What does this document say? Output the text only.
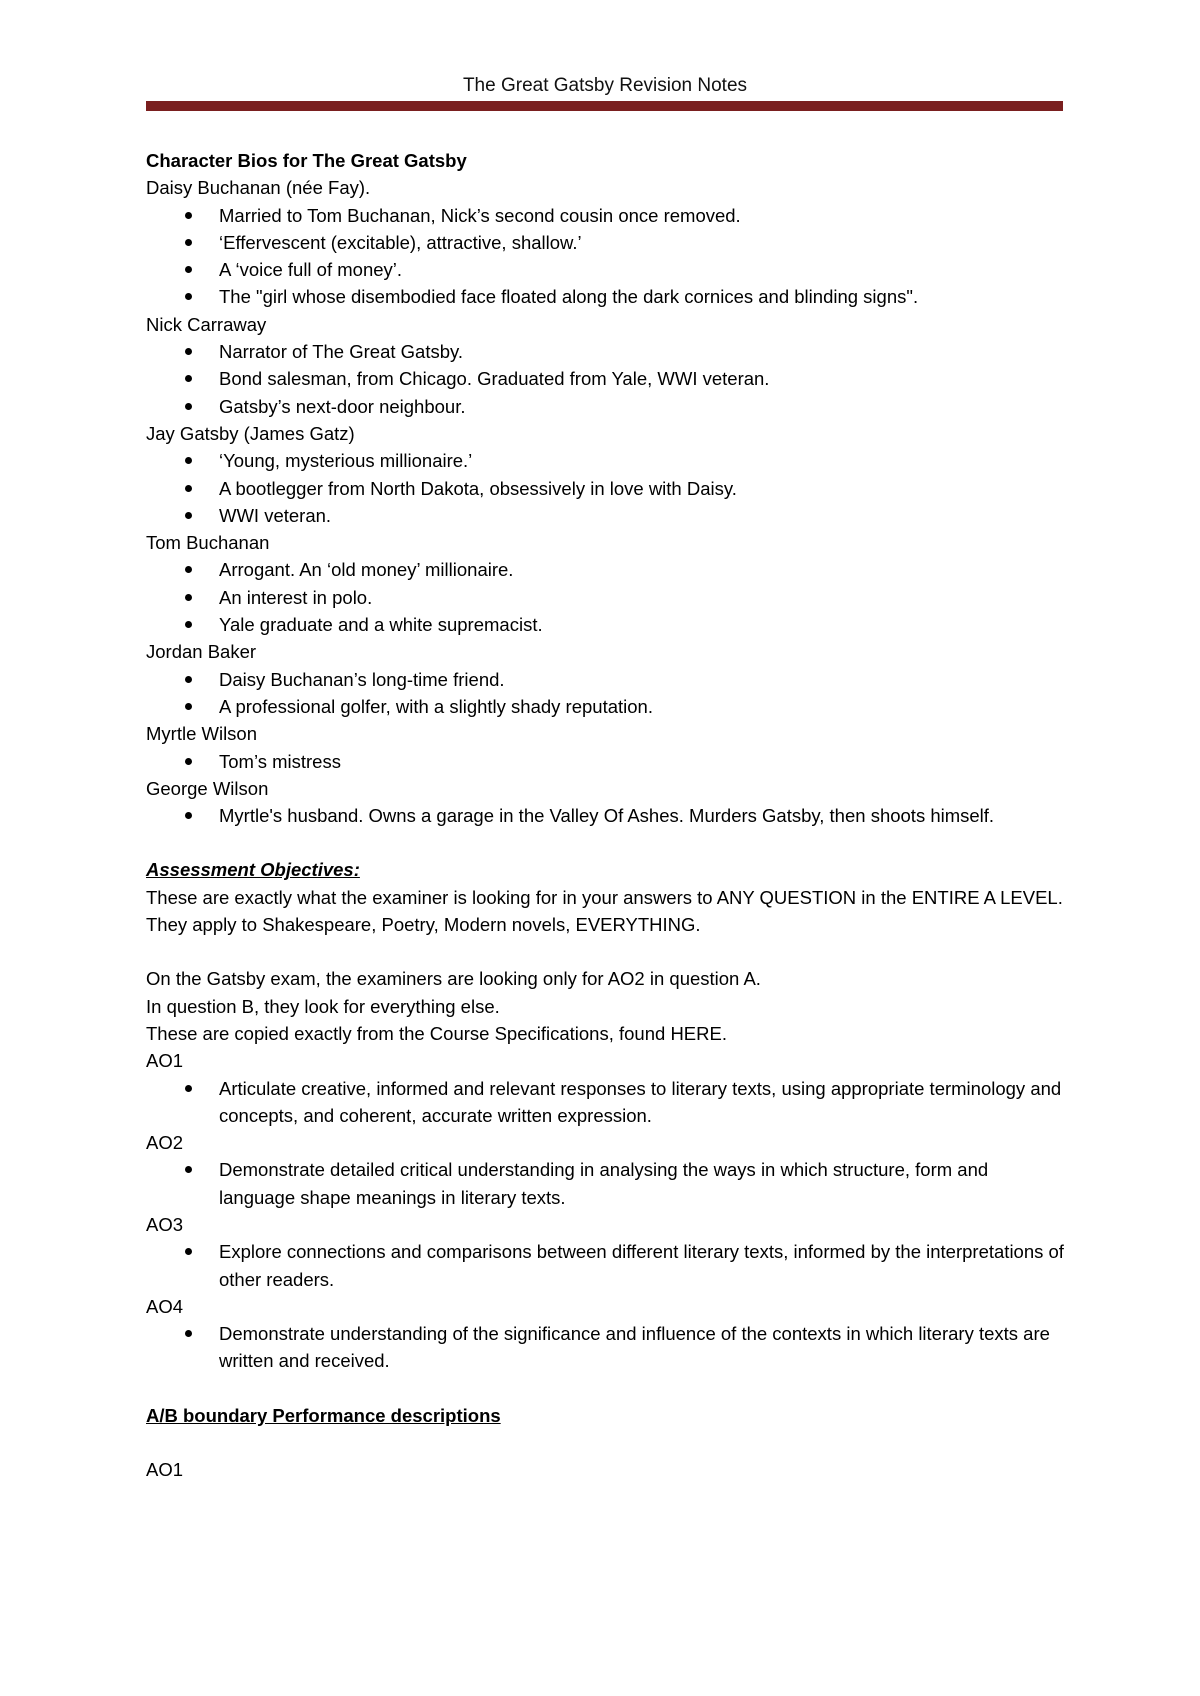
The Great Gatsby Revision Notes

Character Bios for The Great Gatsby

Daisy Buchanan (née Fay).

Married to Tom Buchanan, Nick’s second cousin once removed.
‘Effervescent (excitable), attractive, shallow.’
A ‘voice full of money’.
The "girl whose disembodied face floated along the dark cornices and blinding signs".

Nick Carraway

Narrator of The Great Gatsby.
Bond salesman, from Chicago. Graduated from Yale, WWI veteran.
Gatsby’s next-door neighbour.

Jay Gatsby (James Gatz)

‘Young, mysterious millionaire.’
A bootlegger from North Dakota, obsessively in love with Daisy.
WWI veteran.

Tom Buchanan

Arrogant. An ‘old money’ millionaire.
An interest in polo.
Yale graduate and a white supremacist.

Jordan Baker

Daisy Buchanan’s long-time friend.
A professional golfer, with a slightly shady reputation.

Myrtle Wilson

Tom’s mistress

George Wilson

Myrtle's husband. Owns a garage in the Valley Of Ashes. Murders Gatsby, then shoots himself.

Assessment Objectives:

These are exactly what the examiner is looking for in your answers to ANY QUESTION in the ENTIRE A LEVEL.

They apply to Shakespeare, Poetry, Modern novels, EVERYTHING.

On the Gatsby exam, the examiners are looking only for AO2 in question A.

In question B, they look for everything else.

These are copied exactly from the Course Specifications, found HERE.

AO1

Articulate creative, informed and relevant responses to literary texts, using appropriate terminology and concepts, and coherent, accurate written expression.

AO2

Demonstrate detailed critical understanding in analysing the ways in which structure, form and language shape meanings in literary texts.

AO3

Explore connections and comparisons between different literary texts, informed by the interpretations of other readers.

AO4

Demonstrate understanding of the significance and influence of the contexts in which literary texts are written and received.

A/B boundary Performance descriptions

AO1
